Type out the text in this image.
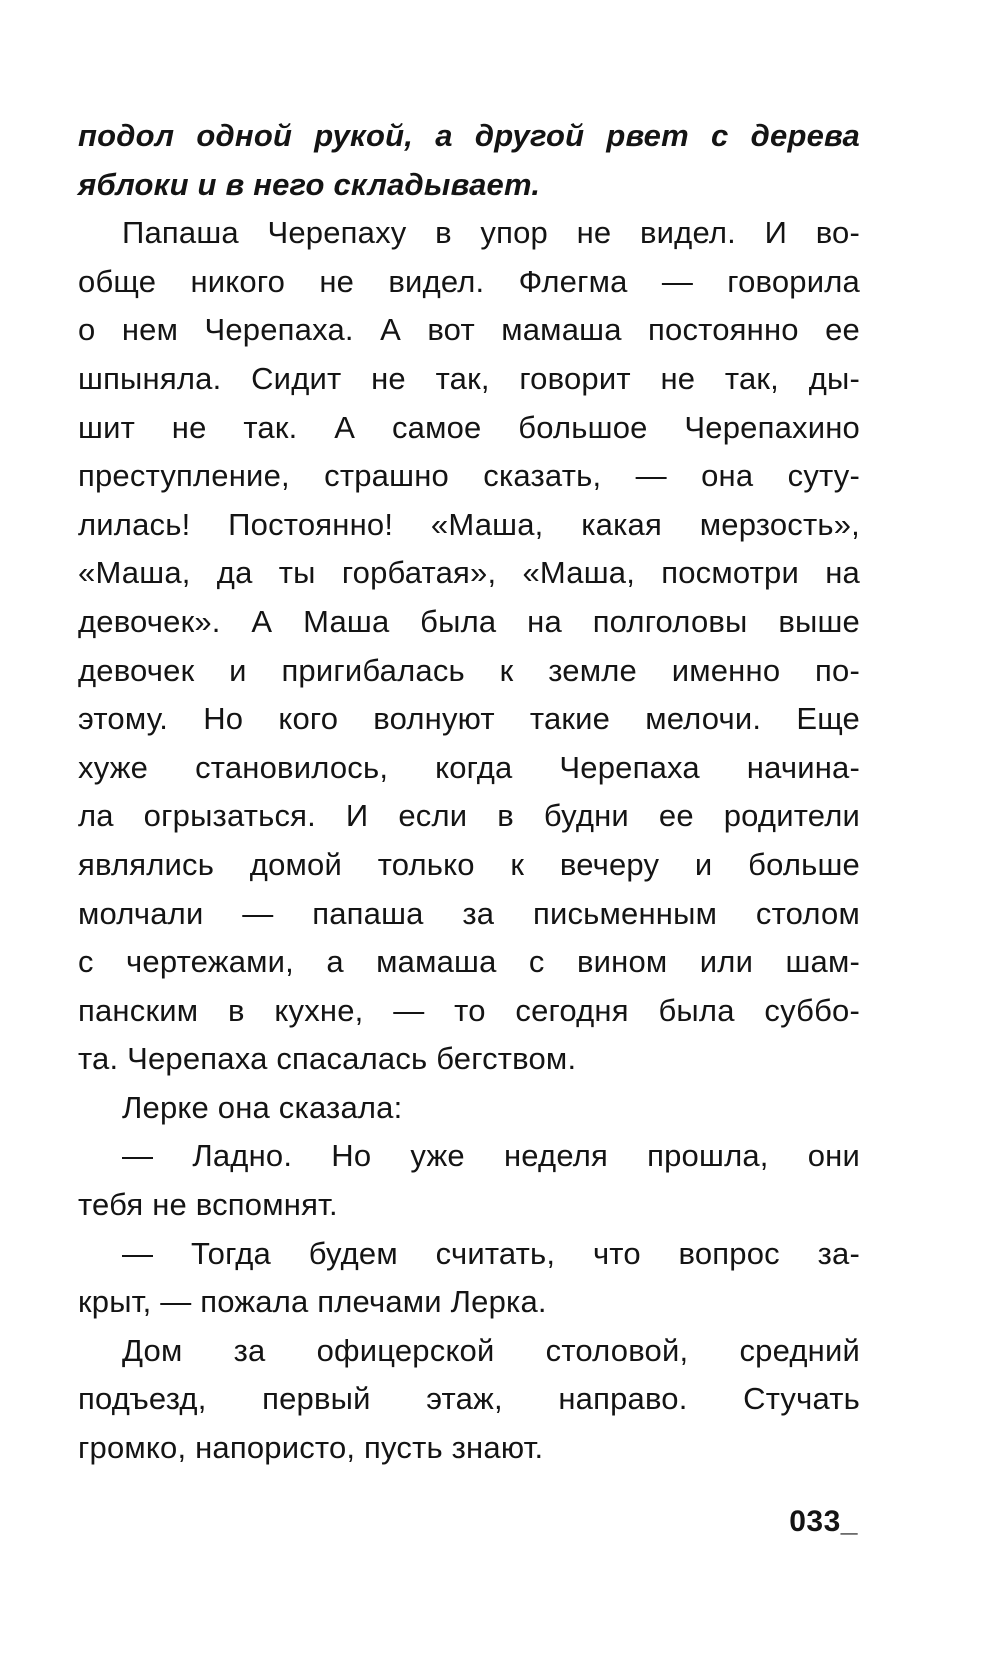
подол одной рукой, а другой рвет с дерева
яблоки и в него складывает.
Папаша Черепаху в упор не видел. И во-
обще никого не видел. Флегма — говорила
о нем Черепаха. А вот мамаша постоянно ее
шпыняла. Сидит не так, говорит не так, ды-
шит не так. А самое большое Черепахино
преступление, страшно сказать, — она суту-
лилась! Постоянно! «Маша, какая мерзость»,
«Маша, да ты горбатая», «Маша, посмотри на
девочек». А Маша была на полголовы выше
девочек и пригибалась к земле именно по-
этому. Но кого волнуют такие мелочи. Еще
хуже становилось, когда Черепаха начина-
ла огрызаться. И если в будни ее родители
являлись домой только к вечеру и больше
молчали — папаша за письменным столом
с чертежами, а мамаша с вином или шам-
панским в кухне, — то сегодня была суббо-
та. Черепаха спасалась бегством.
Лерке она сказала:
— Ладно. Но уже неделя прошла, они
тебя не вспомнят.
— Тогда будем считать, что вопрос за-
крыт, — пожала плечами Лерка.
Дом за офицерской столовой, средний
подъезд, первый этаж, направо. Стучать
громко, напористо, пусть знают.
033_
